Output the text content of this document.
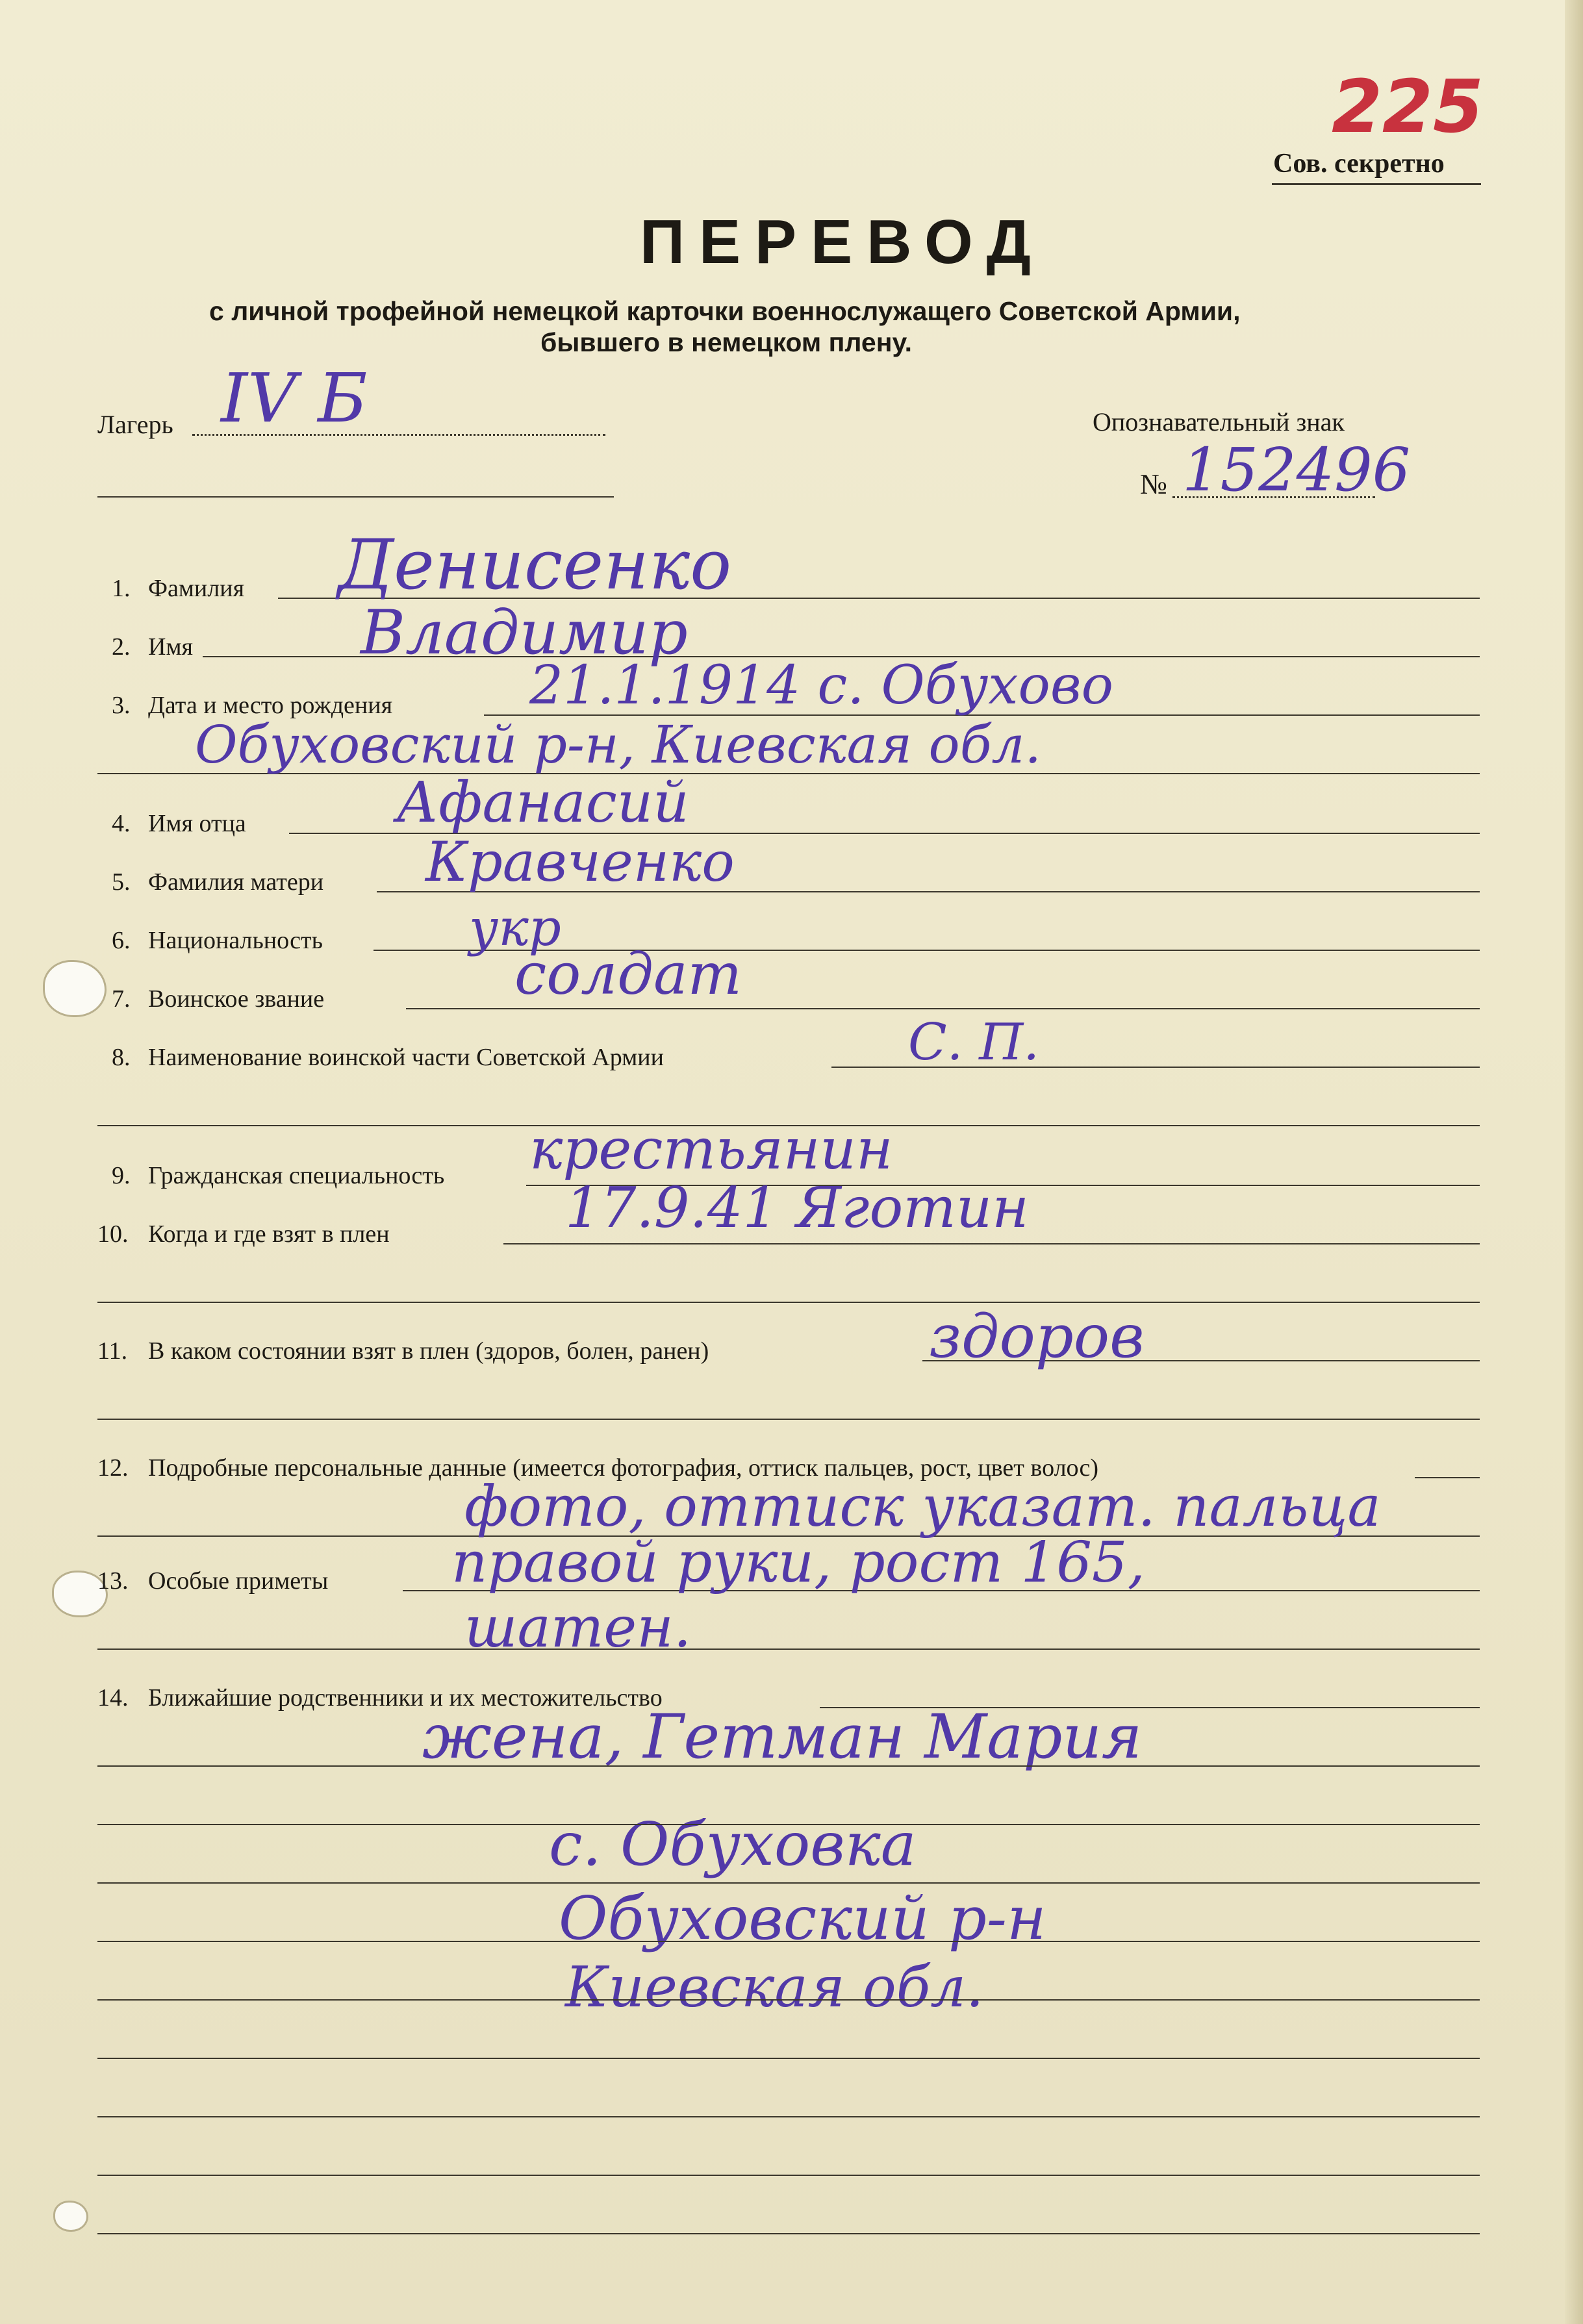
225
Сов. секретно
ПЕРЕВОД
с личной трофейной немецкой карточки военнослужащего Советской Армии,
бывшего в немецком плену.
Лагерь IV Б	Опознавательный знак
№ 152496
1. Фамилия Денисенко
2. Имя	Владимир
3. Дата и место рождения	21.1.1914 с. Обухово
Обуховский р-н, Киевская обл.
4. Имя отца	Афанасий
5. Фамилия матери Кравченко
6. Национальность	укр
7. Воинское звание	солдат
8. Наименование воинской части Советской Армии	С. П.
9. Гражданская специальность крестьянин
10. Когда и где взят в плен	17.9.41 Яготин
11. В каком состоянии взят в плен (здоров, болен, ранен)	здоров
12. Подробные персональные данные (имеется фотография, оттиск пальцев, рост, цвет волос)
фото, оттиск указат. пальца
13. Особые приметы правой руки, рост 165,
шатен.
14. Ближайшие родственники и их местожительство
жена, Гетман Мария
с. Обуховка
Обуховский р-н
Киевская обл.
